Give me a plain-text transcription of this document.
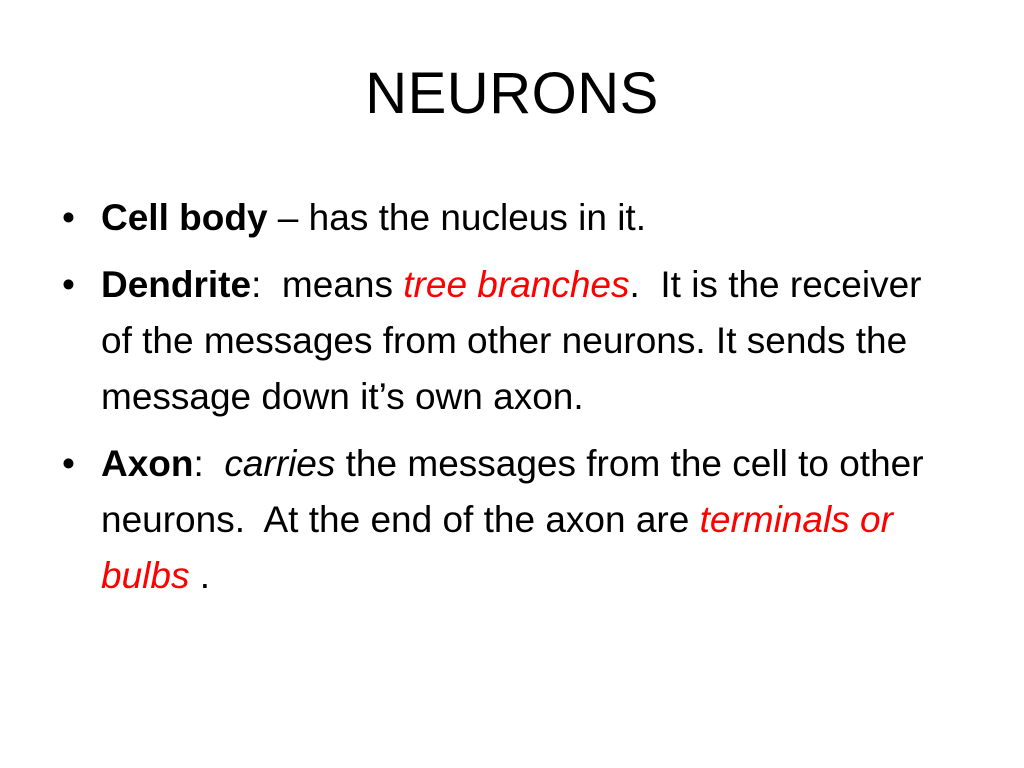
NEURONS
• Cell body – has the nucleus in it.
• Dendrite:  means tree branches.  It is the receiver of the messages from other neurons. It sends the message down it’s own axon.
• Axon:  carries the messages from the cell to other neurons.  At the end of the axon are terminals or bulbs .
